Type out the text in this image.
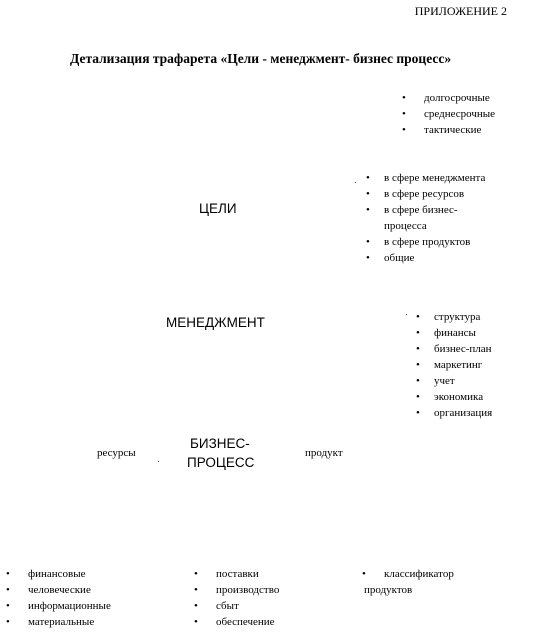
ПРИЛОЖЕНИЕ 2
Детализация трафарета «Цели - менеджмент- бизнес процесс»
• долгосрочные
• среднесрочные
• тактические
• в сфере менеджмента
• в сфере ресурсов
• в сфере бизнес-
процесса
• в сфере продуктов
• общие
ЦЕЛИ
• структура
• финансы
• бизнес-план
• маркетинг
• учет
• экономика
• организация
МЕНЕДЖМЕНТ
БИЗНЕС-
ПРОЦЕСС
ресурсы	продукт
• финансовые
• человеческие
• информационные
• материальные
• поставки
• производство
• сбыт
• обеспечение
• классификатор
продуктов
